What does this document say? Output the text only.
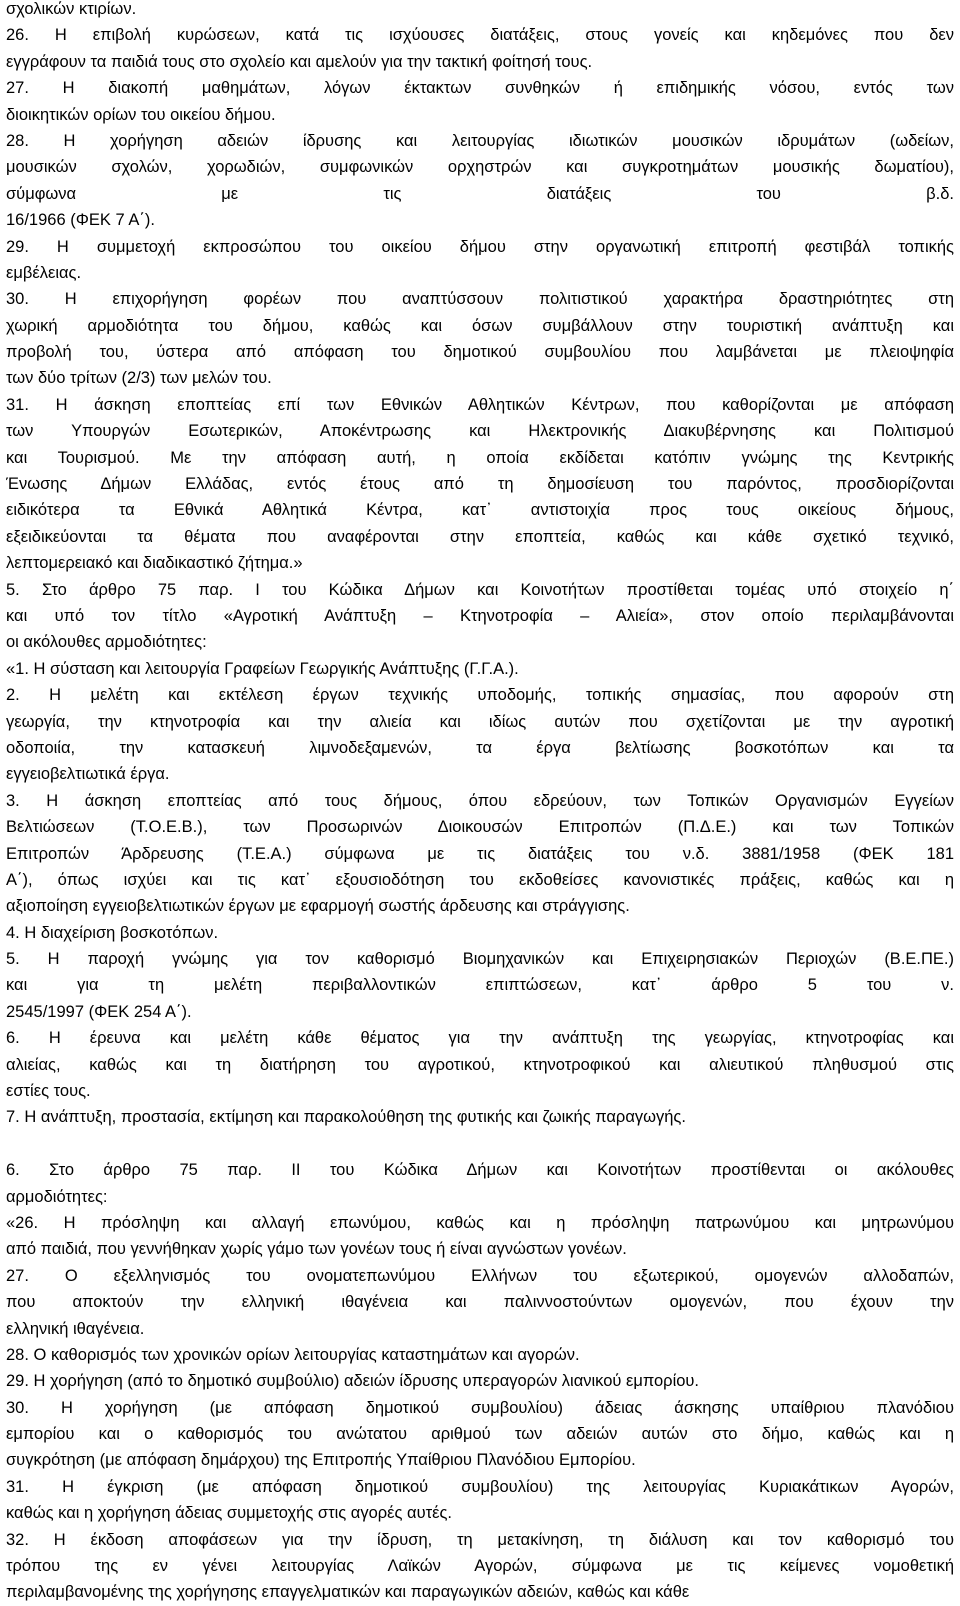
σχολικών κτιρίων.
26. Η επιβολή κυρώσεων, κατά τις ισχύουσες διατάξεις, στους γονείς και κηδεμόνες που δεν
εγγράφουν τα παιδιά τους στο σχολείο και αμελούν για την τακτική φοίτησή τους.
27. Η διακοπή μαθημάτων, λόγων έκτακτων συνθηκών ή επιδημικής νόσου, εντός των
διοικητικών ορίων του οικείου δήμου.
28. Η χορήγηση αδειών ίδρυσης και λειτουργίας ιδιωτικών μουσικών ιδρυμάτων (ωδείων,
μουσικών σχολών, χορωδιών, συμφωνικών ορχηστρών και συγκροτημάτων μουσικής δωματίου),
σύμφωνα με τις διατάξεις του β.δ.
16/1966 (ΦΕΚ 7 Α΄).
29. Η συμμετοχή εκπροσώπου του οικείου δήμου στην οργανωτική επιτροπή φεστιβάλ τοπικής
εμβέλειας.
30. Η επιχορήγηση φορέων που αναπτύσσουν πολιτιστικού χαρακτήρα δραστηριότητες στη
χωρική αρμοδιότητα του δήμου, καθώς και όσων συμβάλλουν στην τουριστική ανάπτυξη και
προβολή του, ύστερα από απόφαση του δημοτικού συμβουλίου που λαμβάνεται με πλειοψηφία
των δύο τρίτων (2/3) των μελών του.
31. Η άσκηση εποπτείας επί των Εθνικών Αθλητικών Κέντρων, που καθορίζονται με απόφαση
των Υπουργών Εσωτερικών, Αποκέντρωσης και Ηλεκτρονικής Διακυβέρνησης και Πολιτισμού
και Τουρισμού. Με την απόφαση αυτή, η οποία εκδίδεται κατόπιν γνώμης της Κεντρικής
Ένωσης Δήμων Ελλάδας, εντός έτους από τη δημοσίευση του παρόντος, προσδιορίζονται
ειδικότερα τα Εθνικά Αθλητικά Κέντρα, κατ᾽ αντιστοιχία προς τους οικείους δήμους,
εξειδικεύονται τα θέματα που αναφέρονται στην εποπτεία, καθώς και κάθε σχετικό τεχνικό,
λεπτομερειακό και διαδικαστικό ζήτημα.»
5. Στο άρθρο 75 παρ. Ι του Κώδικα Δήμων και Κοινοτήτων προστίθεται τομέας υπό στοιχείο η΄
και υπό τον τίτλο «Αγροτική Ανάπτυξη – Κτηνοτροφία – Αλιεία», στον οποίο περιλαμβάνονται
οι ακόλουθες αρμοδιότητες:
«1. Η σύσταση και λειτουργία Γραφείων Γεωργικής Ανάπτυξης (Γ.Γ.Α.).
2. Η μελέτη και εκτέλεση έργων τεχνικής υποδομής, τοπικής σημασίας, που αφορούν στη
γεωργία, την κτηνοτροφία και την αλιεία και ιδίως αυτών που σχετίζονται με την αγροτική
οδοποιία, την κατασκευή λιμνοδεξαμενών, τα έργα βελτίωσης βοσκοτόπων και τα
εγγειοβελτιωτικά έργα.
3. Η άσκηση εποπτείας από τους δήμους, όπου εδρεύουν, των Τοπικών Οργανισμών Εγγείων
Βελτιώσεων (Τ.Ο.Ε.Β.), των Προσωρινών Διοικουσών Επιτροπών (Π.Δ.Ε.) και των Τοπικών
Επιτροπών Άρδρευσης (Τ.Ε.Α.) σύμφωνα με τις διατάξεις του ν.δ. 3881/1958 (ΦΕΚ 181
Α΄), όπως ισχύει και τις κατ᾽ εξουσιοδότηση του εκδοθείσες κανονιστικές πράξεις, καθώς και η
αξιοποίηση εγγειοβελτιωτικών έργων με εφαρμογή σωστής άρδευσης και στράγγισης.
4. Η διαχείριση βοσκοτόπων.
5. Η παροχή γνώμης για τον καθορισμό Βιομηχανικών και Επιχειρησιακών Περιοχών (Β.Ε.ΠΕ.)
και για τη μελέτη περιβαλλοντικών επιπτώσεων, κατ᾽ άρθρο 5 του ν.
2545/1997 (ΦΕΚ 254 Α΄).
6. Η έρευνα και μελέτη κάθε θέματος για την ανάπτυξη της γεωργίας, κτηνοτροφίας και
αλιείας, καθώς και τη διατήρηση του αγροτικού, κτηνοτροφικού και αλιευτικού πληθυσμού στις
εστίες τους.
7. Η ανάπτυξη, προστασία, εκτίμηση και παρακολούθηση της φυτικής και ζωικής παραγωγής.
6. Στο άρθρο 75 παρ. ΙΙ του Κώδικα Δήμων και Κοινοτήτων προστίθενται οι ακόλουθες
αρμοδιότητες:
«26. Η πρόσληψη και αλλαγή επωνύμου, καθώς και η πρόσληψη πατρωνύμου και μητρωνύμου
από παιδιά, που γεννήθηκαν χωρίς γάμο των γονέων τους ή είναι αγνώστων γονέων.
27. Ο εξελληνισμός του ονοματεπωνύμου Ελλήνων του εξωτερικού, ομογενών αλλοδαπών,
που αποκτούν την ελληνική ιθαγένεια και παλιννοστούντων ομογενών, που έχουν την
ελληνική ιθαγένεια.
28. Ο καθορισμός των χρονικών ορίων λειτουργίας καταστημάτων και αγορών.
29. Η χορήγηση (από το δημοτικό συμβούλιο) αδειών ίδρυσης υπεραγορών λιανικού εμπορίου.
30. Η χορήγηση (με απόφαση δημοτικού συμβουλίου) άδειας άσκησης υπαίθριου πλανόδιου
εμπορίου και ο καθορισμός του ανώτατου αριθμού των αδειών αυτών στο δήμο, καθώς και η
συγκρότηση (με απόφαση δημάρχου) της Επιτροπής Υπαίθριου Πλανόδιου Εμπορίου.
31. Η έγκριση (με απόφαση δημοτικού συμβουλίου) της λειτουργίας Κυριακάτικων Αγορών,
καθώς και η χορήγηση άδειας συμμετοχής στις αγορές αυτές.
32. Η έκδοση αποφάσεων για την ίδρυση, τη μετακίνηση, τη διάλυση και τον καθορισμό του
τρόπου της εν γένει λειτουργίας Λαϊκών Αγορών, σύμφωνα με τις κείμενες νομοθετική
περιλαμβανομένης της χορήγησης επαγγελματικών και παραγωγικών αδειών, καθώς και κάθε
